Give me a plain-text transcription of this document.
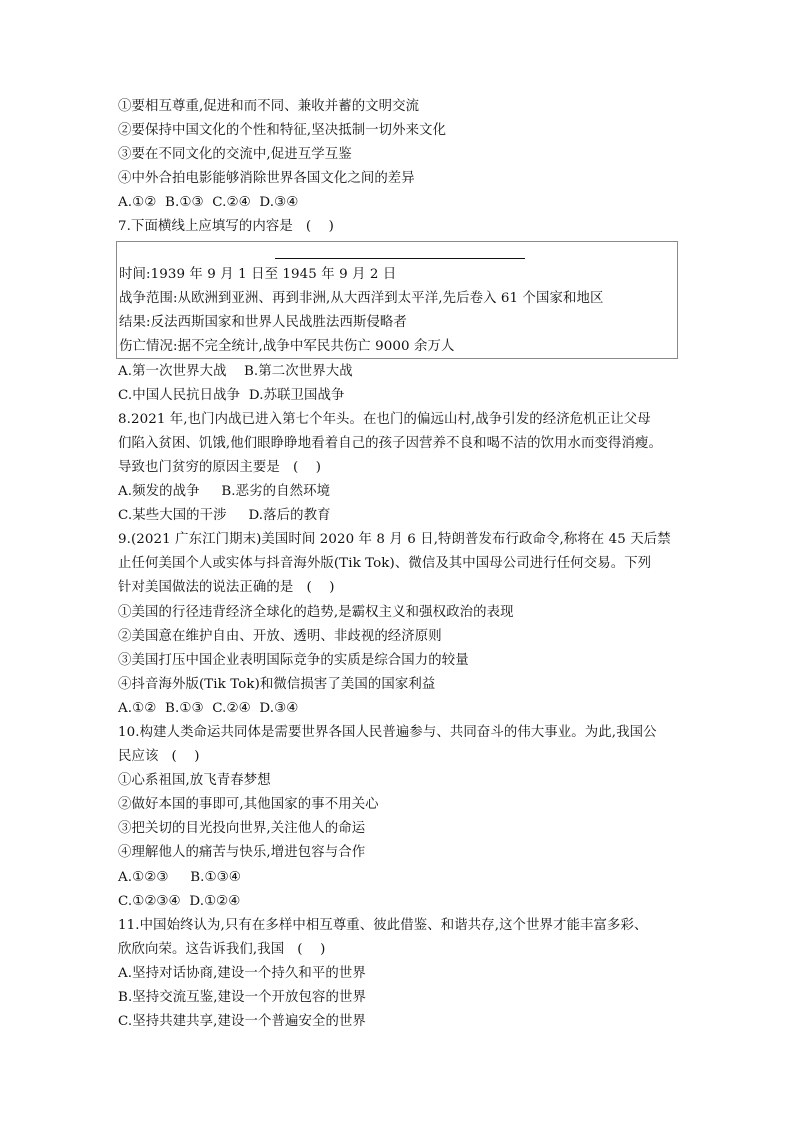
①要相互尊重,促进和而不同、兼收并蓄的文明交流
②要保持中国文化的个性和特征,坚决抵制一切外来文化
③要在不同文化的交流中,促进互学互鉴
④中外合拍电影能够消除世界各国文化之间的差异
A.①②  B.①③  C.②④  D.③④
7.下面横线上应填写的内容是   (    )
时间:1939 年 9 月 1 日至 1945 年 9 月 2 日
战争范围:从欧洲到亚洲、再到非洲,从大西洋到太平洋,先后卷入 61 个国家和地区
结果:反法西斯国家和世界人民战胜法西斯侵略者
伤亡情况:据不完全统计,战争中军民共伤亡 9000 余万人
A.第一次世界大战    B.第二次世界大战
C.中国人民抗日战争  D.苏联卫国战争
8.2021 年,也门内战已进入第七个年头。在也门的偏远山村,战争引发的经济危机正让父母
们陷入贫困、饥饿,他们眼睁睁地看着自己的孩子因营养不良和喝不洁的饮用水而变得消瘦。
导致也门贫穷的原因主要是   (    )
A.频发的战争     B.恶劣的自然环境
C.某些大国的干涉     D.落后的教育
9.(2021 广东江门期末)美国时间 2020 年 8 月 6 日,特朗普发布行政命令,称将在 45 天后禁
止任何美国个人或实体与抖音海外版(Tik Tok)、微信及其中国母公司进行任何交易。下列
针对美国做法的说法正确的是   (    )
①美国的行径违背经济全球化的趋势,是霸权主义和强权政治的表现
②美国意在维护自由、开放、透明、非歧视的经济原则
③美国打压中国企业表明国际竞争的实质是综合国力的较量
④抖音海外版(Tik Tok)和微信损害了美国的国家利益
A.①②  B.①③  C.②④  D.③④
10.构建人类命运共同体是需要世界各国人民普遍参与、共同奋斗的伟大事业。为此,我国公
民应该   (    )
①心系祖国,放飞青春梦想
②做好本国的事即可,其他国家的事不用关心
③把关切的目光投向世界,关注他人的命运
④理解他人的痛苦与快乐,增进包容与合作
A.①②③     B.①③④
C.①②③④  D.①②④
11.中国始终认为,只有在多样中相互尊重、彼此借鉴、和谐共存,这个世界才能丰富多彩、
欣欣向荣。这告诉我们,我国   (    )
A.坚持对话协商,建设一个持久和平的世界
B.坚持交流互鉴,建设一个开放包容的世界
C.坚持共建共享,建设一个普遍安全的世界
